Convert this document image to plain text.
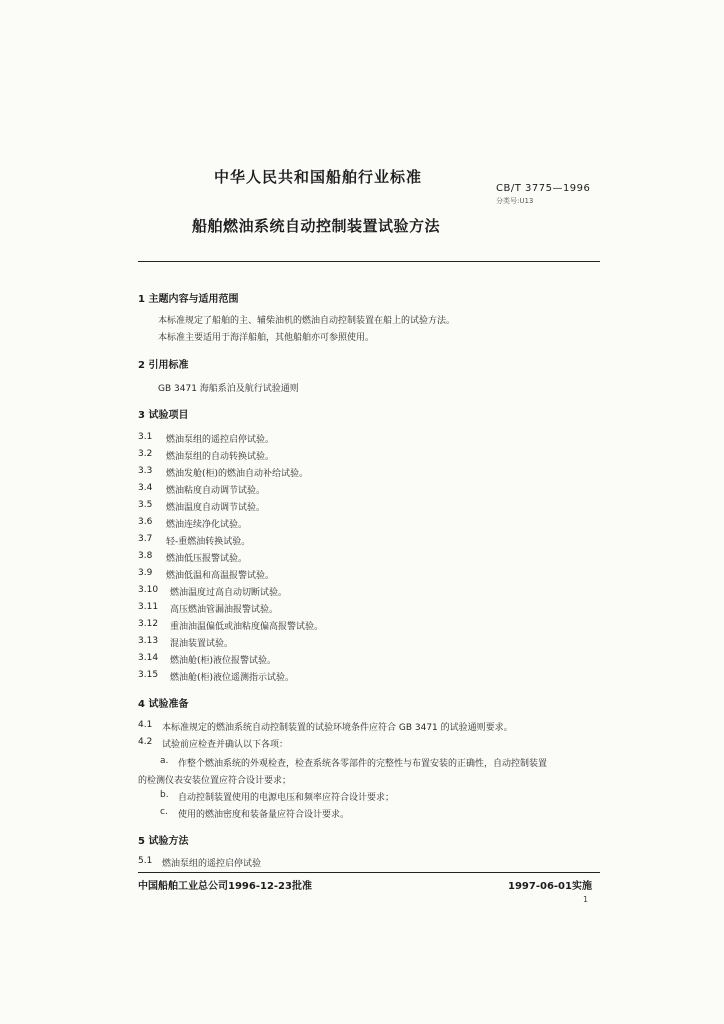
中华人民共和国船舶行业标准
CB/T 3775—1996
分类号:U13
船舶燃油系统自动控制装置试验方法
1 主题内容与适用范围
本标准规定了船舶的主、辅柴油机的燃油自动控制装置在船上的试验方法。
本标准主要适用于海洋船舶，其他船舶亦可参照使用。
2 引用标准
GB 3471 海船系泊及航行试验通则
3 试验项目
3.1 燃油泵组的遥控启停试验。
3.2 燃油泵组的自动转换试验。
3.3 燃油发舱(柜)的燃油自动补给试验。
3.4 燃油粘度自动调节试验。
3.5 燃油温度自动调节试验。
3.6 燃油连续净化试验。
3.7 轻-重燃油转换试验。
3.8 燃油低压报警试验。
3.9 燃油低温和高温报警试验。
3.10 燃油温度过高自动切断试验。
3.11 高压燃油管漏油报警试验。
3.12 重油油温偏低或油粘度偏高报警试验。
3.13 混油装置试验。
3.14 燃油舱(柜)液位报警试验。
3.15 燃油舱(柜)液位遥测指示试验。
4 试验准备
4.1 本标准规定的燃油系统自动控制装置的试验环境条件应符合 GB 3471 的试验通则要求。
4.2 试验前应检查并确认以下各项：
a. 作整个燃油系统的外观检查，检查系统各零部件的完整性与布置安装的正确性，自动控制装置
的检测仪表安装位置应符合设计要求；
b. 自动控制装置使用的电源电压和频率应符合设计要求；
c. 使用的燃油密度和装备量应符合设计要求。
5 试验方法
5.1 燃油泵组的遥控启停试验
中国船舶工业总公司1996-12-23批准	1997-06-01实施
1
